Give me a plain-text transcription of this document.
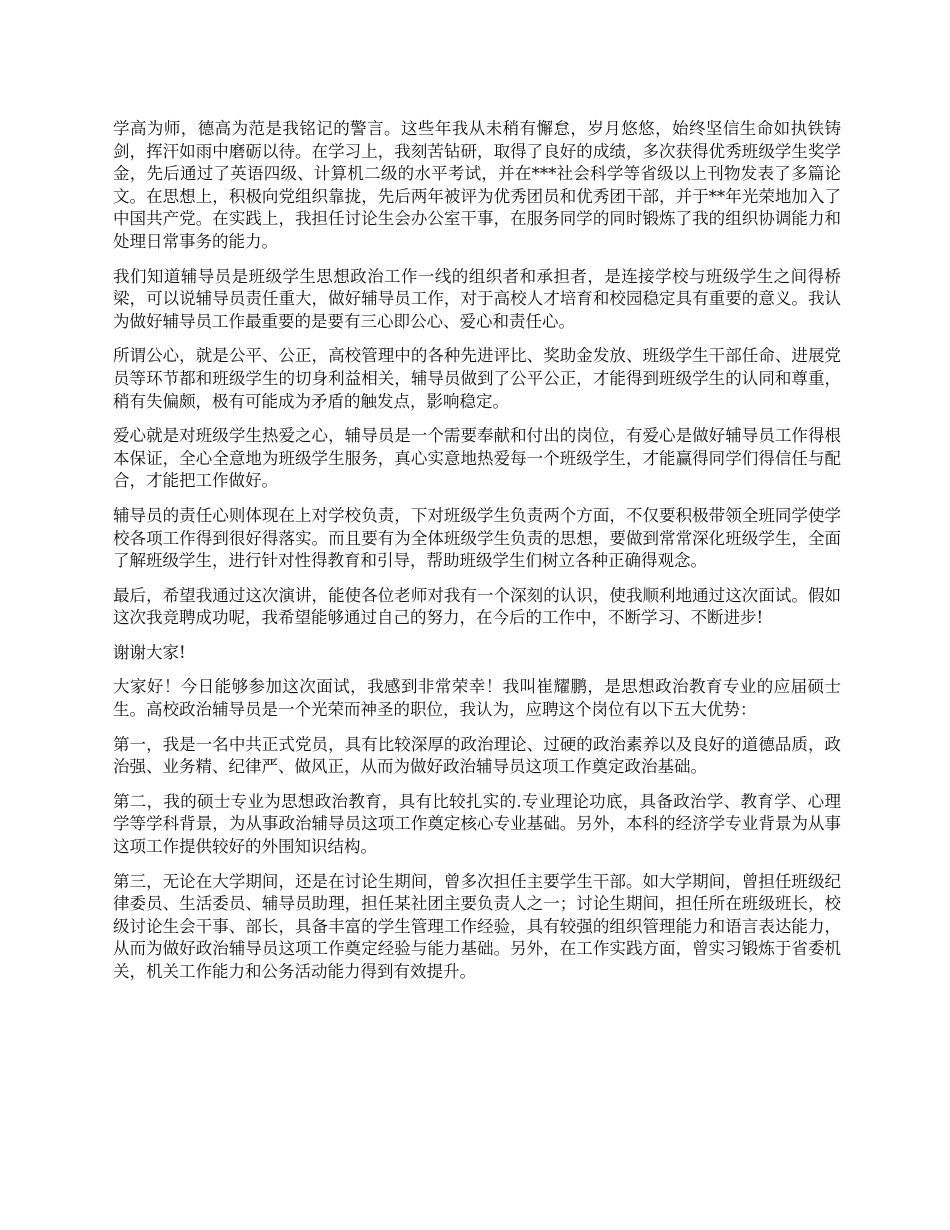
学高为师，德高为范是我铭记的警言。这些年我从未稍有懈怠，岁月悠悠，始终坚信生命如执铁铸剑，挥汗如雨中磨砺以待。在学习上，我刻苦钻研，取得了良好的成绩，多次获得优秀班级学生奖学金，先后通过了英语四级、计算机二级的水平考试，并在***社会科学等省级以上刊物发表了多篇论文。在思想上，积极向党组织靠拢，先后两年被评为优秀团员和优秀团干部，并于**年光荣地加入了中国共产党。在实践上，我担任讨论生会办公室干事，在服务同学的同时锻炼了我的组织协调能力和处理日常事务的能力。

我们知道辅导员是班级学生思想政治工作一线的组织者和承担者，是连接学校与班级学生之间得桥梁，可以说辅导员责任重大，做好辅导员工作，对于高校人才培育和校园稳定具有重要的意义。我认为做好辅导员工作最重要的是要有三心即公心、爱心和责任心。

所谓公心，就是公平、公正，高校管理中的各种先进评比、奖助金发放、班级学生干部任命、进展党员等环节都和班级学生的切身利益相关，辅导员做到了公平公正，才能得到班级学生的认同和尊重，稍有失偏颇，极有可能成为矛盾的触发点，影响稳定。

爱心就是对班级学生热爱之心，辅导员是一个需要奉献和付出的岗位，有爱心是做好辅导员工作得根本保证，全心全意地为班级学生服务，真心实意地热爱每一个班级学生，才能赢得同学们得信任与配合，才能把工作做好。

辅导员的责任心则体现在上对学校负责，下对班级学生负责两个方面，不仅要积极带领全班同学使学校各项工作得到很好得落实。而且要有为全体班级学生负责的思想，要做到常常深化班级学生，全面了解班级学生，进行针对性得教育和引导，帮助班级学生们树立各种正确得观念。

最后，希望我通过这次演讲，能使各位老师对我有一个深刻的认识，使我顺利地通过这次面试。假如这次我竞聘成功呢，我希望能够通过自己的努力，在今后的工作中，不断学习、不断进步!

谢谢大家!

大家好！今日能够参加这次面试，我感到非常荣幸！我叫崔耀鹏，是思想政治教育专业的应届硕士生。高校政治辅导员是一个光荣而神圣的职位，我认为，应聘这个岗位有以下五大优势：

第一，我是一名中共正式党员，具有比较深厚的政治理论、过硬的政治素养以及良好的道德品质，政治强、业务精、纪律严、做风正，从而为做好政治辅导员这项工作奠定政治基础。

第二，我的硕士专业为思想政治教育，具有比较扎实的.专业理论功底，具备政治学、教育学、心理学等学科背景，为从事政治辅导员这项工作奠定核心专业基础。另外，本科的经济学专业背景为从事这项工作提供较好的外围知识结构。

第三，无论在大学期间，还是在讨论生期间，曾多次担任主要学生干部。如大学期间，曾担任班级纪律委员、生活委员、辅导员助理，担任某社团主要负责人之一；讨论生期间，担任所在班级班长，校级讨论生会干事、部长，具备丰富的学生管理工作经验，具有较强的组织管理能力和语言表达能力，从而为做好政治辅导员这项工作奠定经验与能力基础。另外，在工作实践方面，曾实习锻炼于省委机关，机关工作能力和公务活动能力得到有效提升。
